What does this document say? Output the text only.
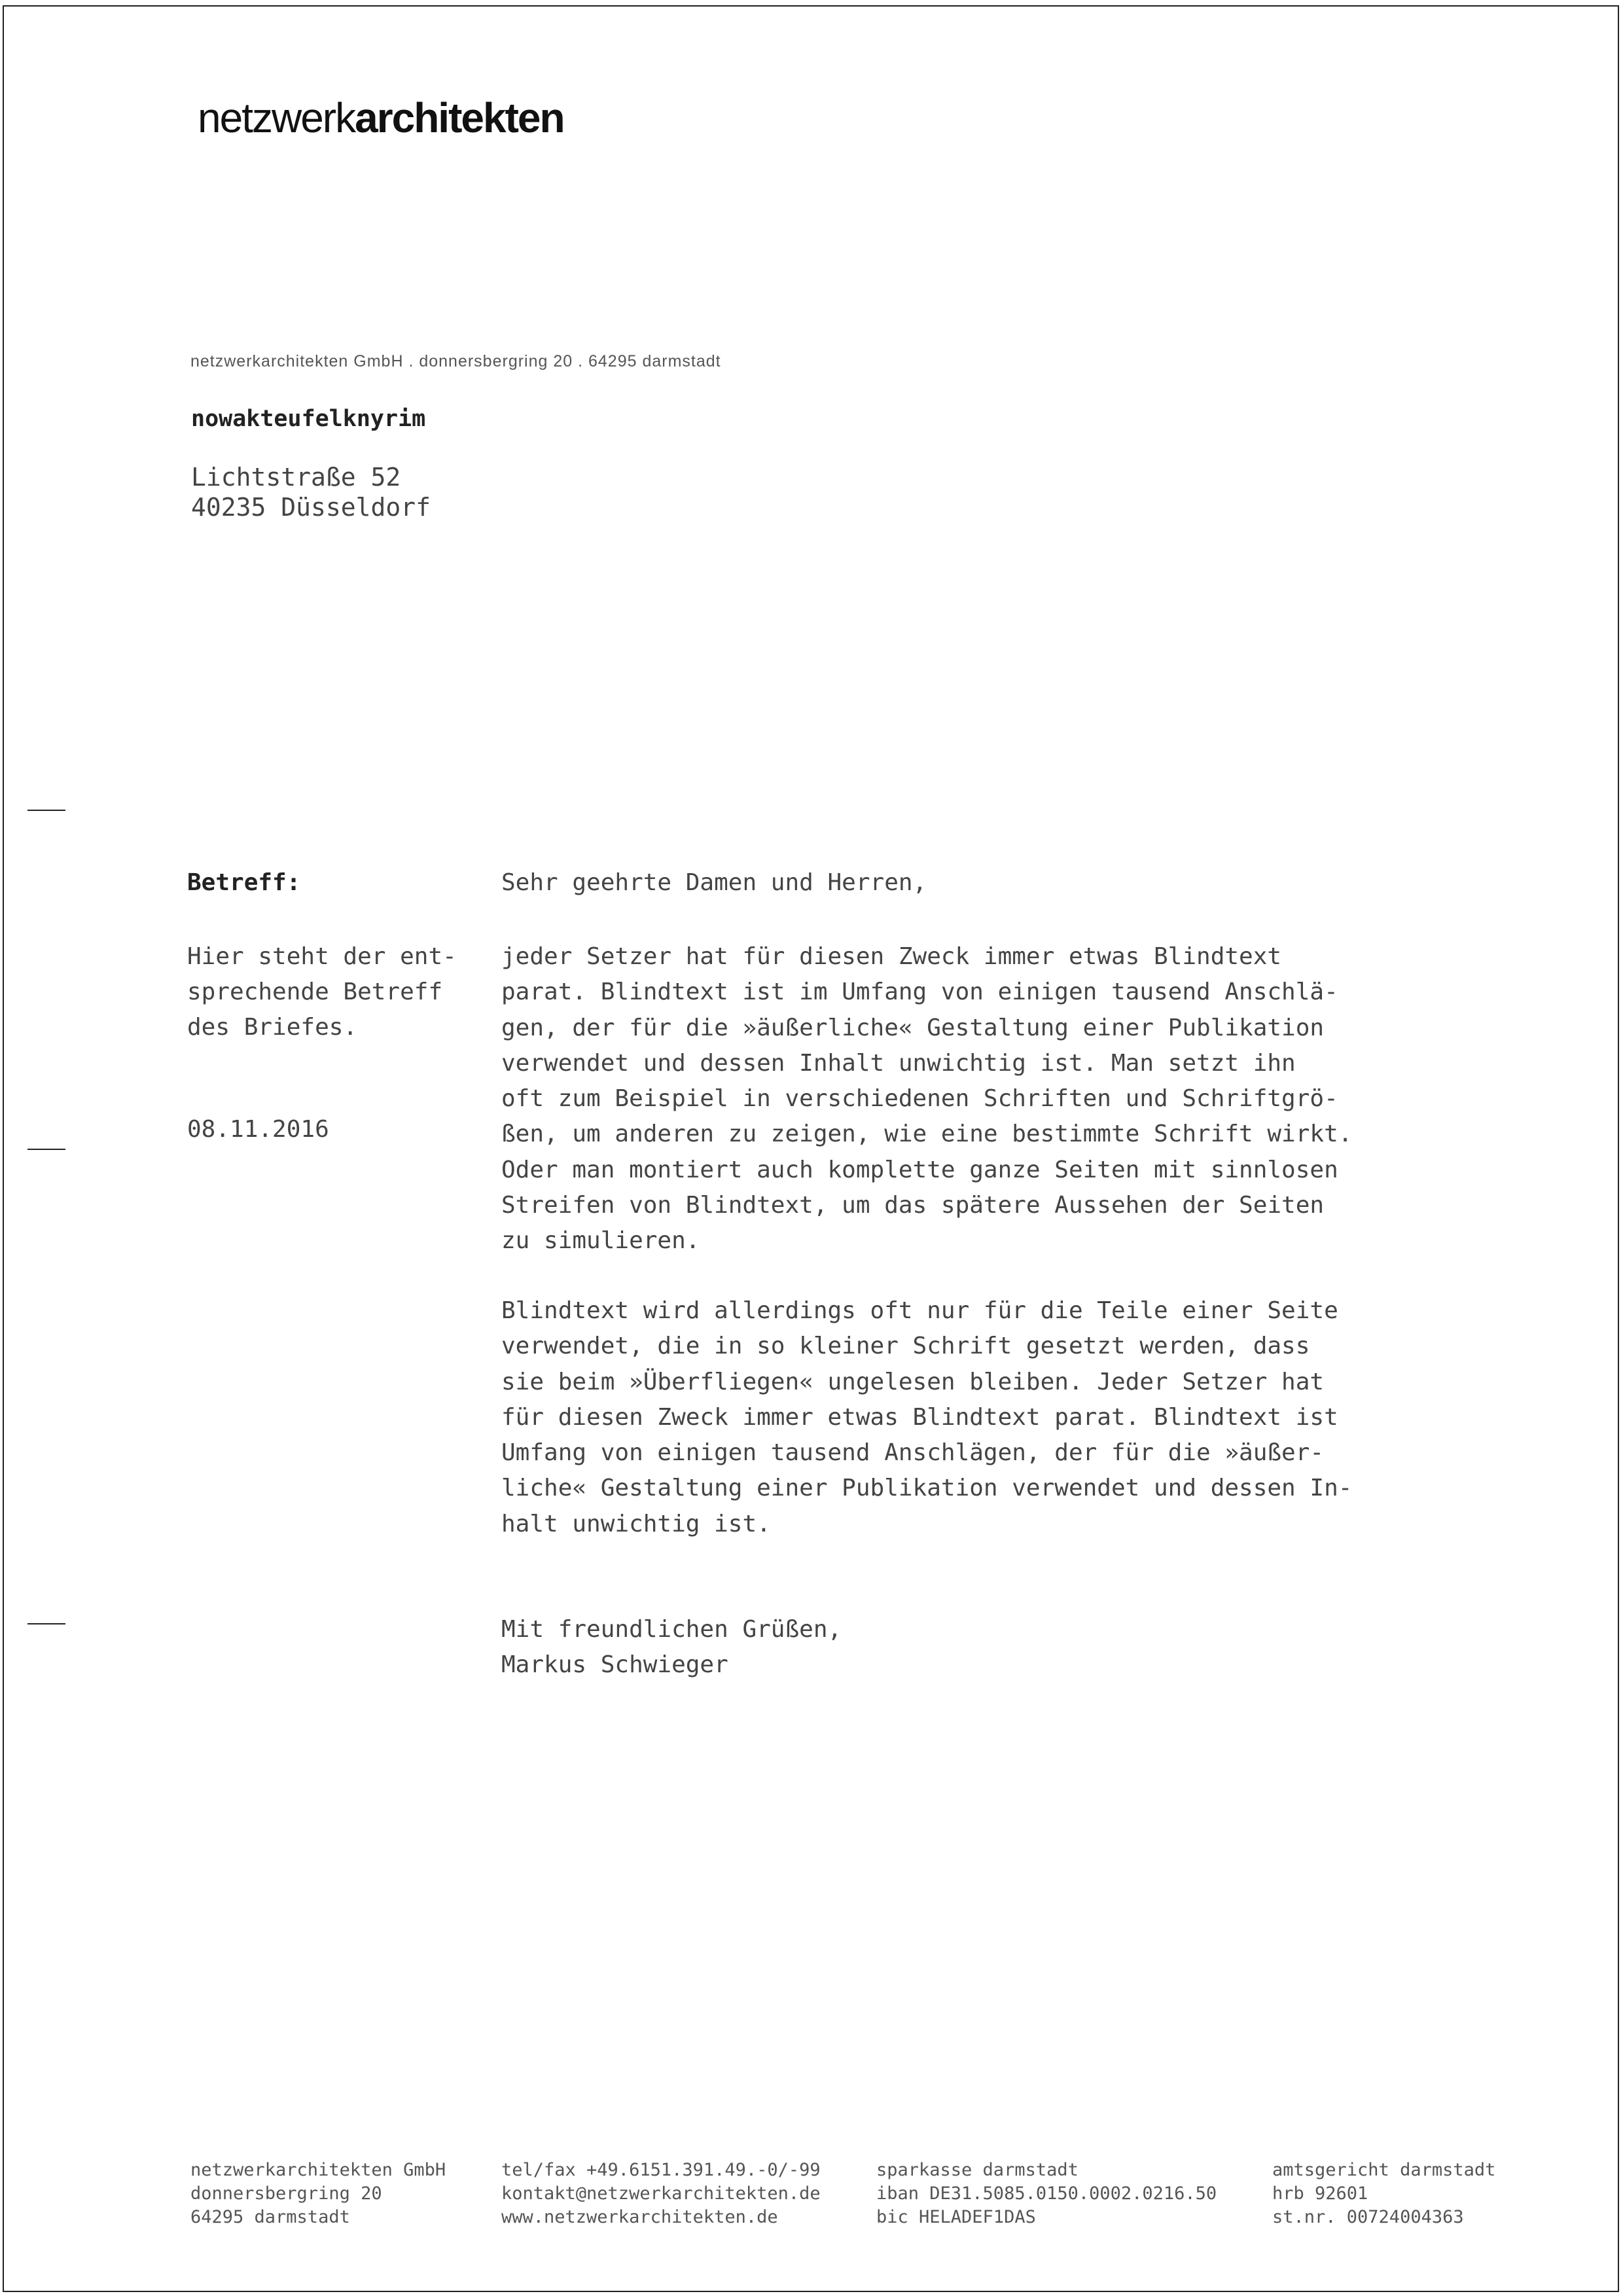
netzwerkarchitekten
netzwerkarchitekten GmbH . donnersbergring 20 . 64295 darmstadt
nowakteufelknyrim
Lichtstraße 52
40235 Düsseldorf
Betreff:
Hier steht der ent-
sprechende Betreff
des Briefes.
08.11.2016
Sehr geehrte Damen und Herren,
jeder Setzer hat für diesen Zweck immer etwas Blindtext
parat. Blindtext ist im Umfang von einigen tausend Anschlä-
gen, der für die »äußerliche« Gestaltung einer Publikation
verwendet und dessen Inhalt unwichtig ist. Man setzt ihn
oft zum Beispiel in verschiedenen Schriften und Schriftgrö-
ßen, um anderen zu zeigen, wie eine bestimmte Schrift wirkt.
Oder man montiert auch komplette ganze Seiten mit sinnlosen
Streifen von Blindtext, um das spätere Aussehen der Seiten
zu simulieren.
Blindtext wird allerdings oft nur für die Teile einer Seite
verwendet, die in so kleiner Schrift gesetzt werden, dass
sie beim »Überfliegen« ungelesen bleiben. Jeder Setzer hat
für diesen Zweck immer etwas Blindtext parat. Blindtext ist
Umfang von einigen tausend Anschlägen, der für die »äußer-
liche« Gestaltung einer Publikation verwendet und dessen In-
halt unwichtig ist.
Mit freundlichen Grüßen,
Markus Schwieger
netzwerkarchitekten GmbH
donnersbergring 20
64295 darmstadt
tel/fax +49.6151.391.49.-0/-99
kontakt@netzwerkarchitekten.de
www.netzwerkarchitekten.de
sparkasse darmstadt
iban DE31.5085.0150.0002.0216.50
bic HELADEF1DAS
amtsgericht darmstadt
hrb 92601
st.nr. 00724004363
